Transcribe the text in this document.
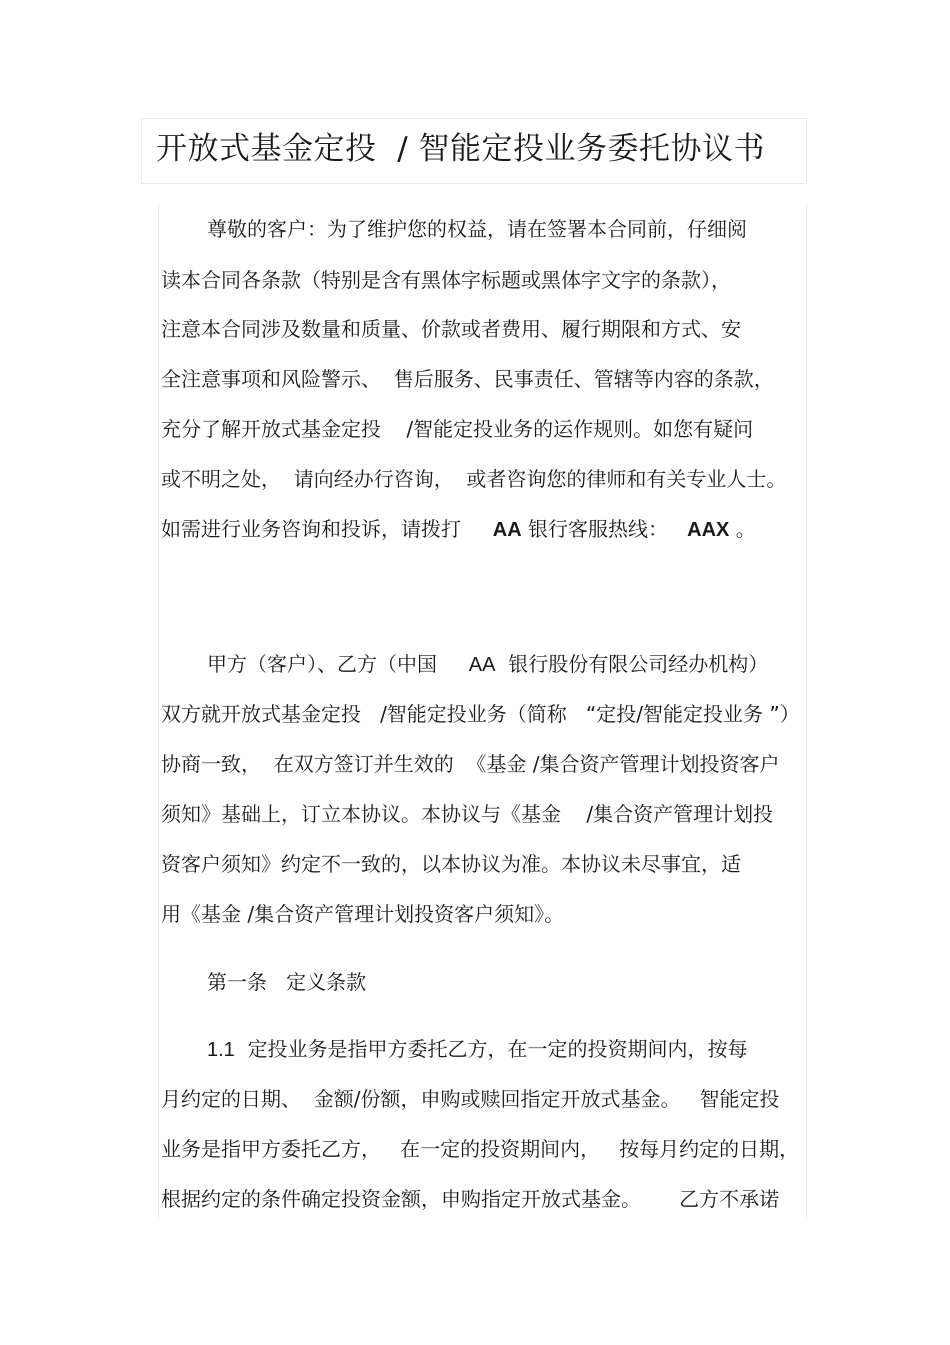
开放式基金定投  / 智能定投业务委托协议书
尊敬的客户：为了维护您的权益，请在签署本合同前，仔细阅
读本合同各条款（特别是含有黑体字标题或黑体字文字的条款），
注意本合同涉及数量和质量、价款或者费用、履行期限和方式、安
全注意事项和风险警示、  售后服务、民事责任、管辖等内容的条款，
充分了解开放式基金定投    /智能定投业务的运作规则。如您有疑问
或不明之处，  请向经办行咨询，  或者咨询您的律师和有关专业人士。
如需进行业务咨询和投诉，请拨打     AA 银行客服热线：   AAX 。
甲方（客户）、乙方（中国     AA  银行股份有限公司经办机构）
双方就开放式基金定投   /智能定投业务（简称   “定投/智能定投业务 ”）
协商一致，  在双方签订并生效的  《基金 /集合资产管理计划投资客户
须知》基础上，订立本协议。本协议与《基金    /集合资产管理计划投
资客户须知》约定不一致的，以本协议为准。本协议未尽事宜，适
用《基金 /集合资产管理计划投资客户须知》。
第一条   定义条款
1.1  定投业务是指甲方委托乙方，在一定的投资期间内，按每
月约定的日期、  金额/份额，申购或赎回指定开放式基金。   智能定投
业务是指甲方委托乙方，   在一定的投资期间内，   按每月约定的日期，
根据约定的条件确定投资金额，申购指定开放式基金。      乙方不承诺
